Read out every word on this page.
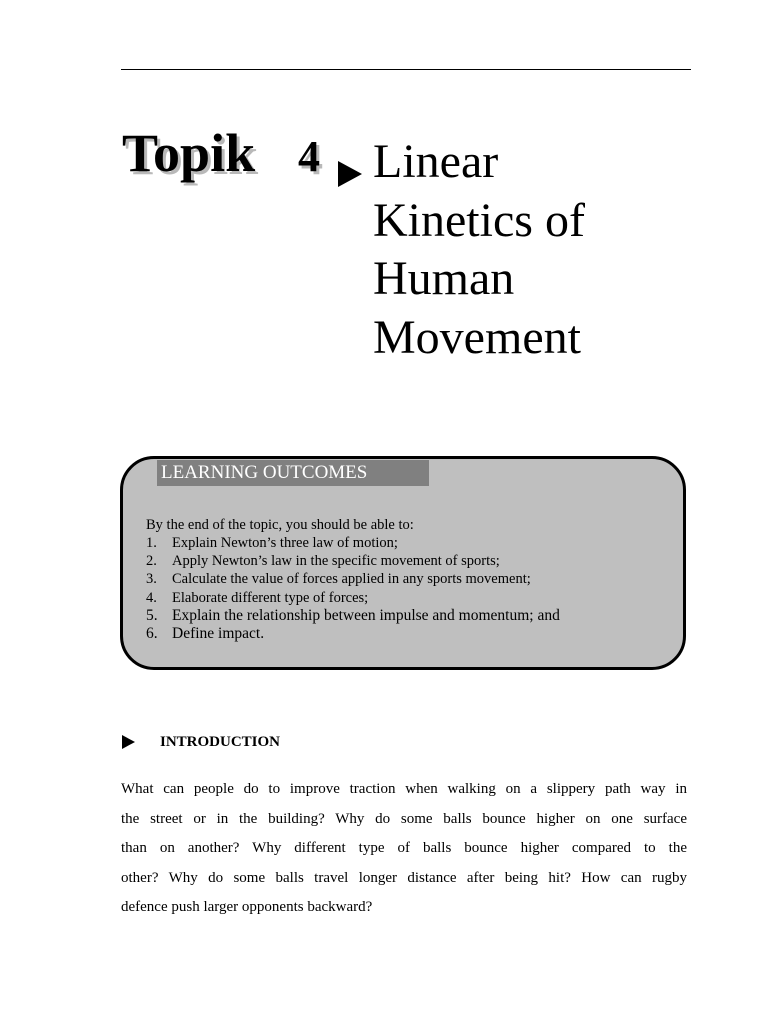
Topik 4 Linear
Kinetics of
Human
Movement
LEARNING OUTCOMES
By the end of the topic, you should be able to:
1. Explain Newton’s three law of motion;
2. Apply Newton’s law in the specific movement of sports;
3. Calculate the value of forces applied in any sports movement;
4. Elaborate different type of forces;
5. Explain the relationship between impulse and momentum; and
6. Define impact.
INTRODUCTION
What can people do to improve traction when walking on a slippery path way in
the street or in the building? Why do some balls bounce higher on one surface
than on another? Why different type of balls bounce higher compared to the
other? Why do some balls travel longer distance after being hit? How can rugby
defence push larger opponents backward?
